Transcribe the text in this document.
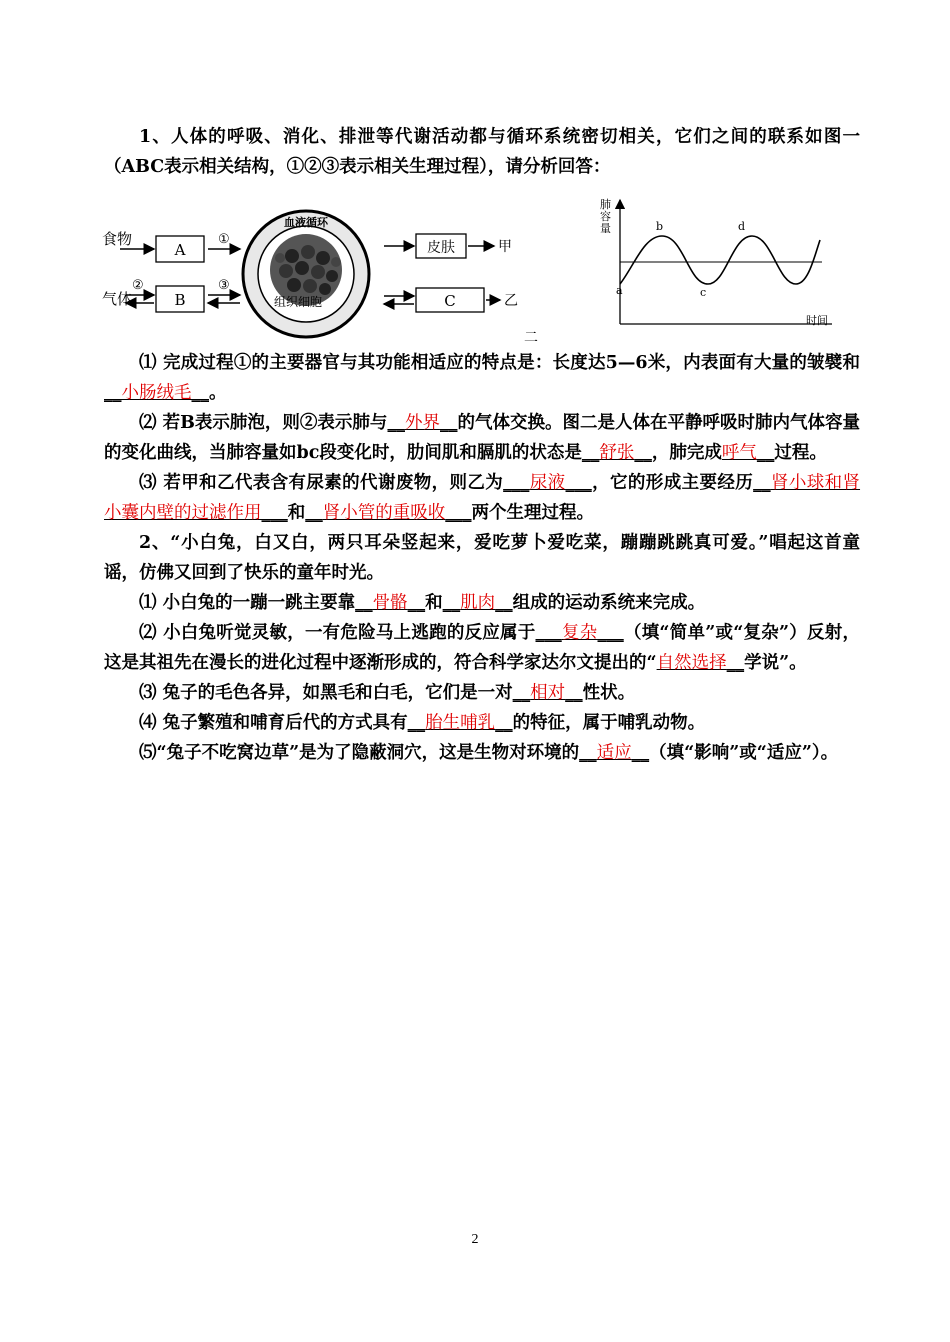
1、人体的呼吸、消化、排泄等代谢活动都与循环系统密切相关，它们之间的联系如图一（ABC表示相关结构，①②③表示相关生理过程），请分析回答：

食物
A
①
气体
②
B
③
血液循环
组织细胞
皮肤	甲
C	乙
二
肺
容
量
时间
a
b
c
d

⑴ 完成过程①的主要器官与其功能相适应的特点是：长度达5—6米，内表面有大量的皱襞和__小肠绒毛__。

⑵ 若B表示肺泡，则②表示肺与__外界__的气体交换。图二是人体在平静呼吸时肺内气体容量的变化曲线，当肺容量如bc段变化时，肋间肌和膈肌的状态是__舒张__，肺完成呼气__过程。

⑶ 若甲和乙代表含有尿素的代谢废物，则乙为___尿液___，它的形成主要经历__肾小球和肾小囊内壁的过滤作用___和__肾小管的重吸收___两个生理过程。

2、“小白兔，白又白，两只耳朵竖起来，爱吃萝卜爱吃菜，蹦蹦跳跳真可爱。”唱起这首童谣，仿佛又回到了快乐的童年时光。

⑴ 小白兔的一蹦一跳主要靠__骨骼__和__肌肉__组成的运动系统来完成。

⑵ 小白兔听觉灵敏，一有危险马上逃跑的反应属于___复杂___（填“简单”或“复杂”）反射，这是其祖先在漫长的进化过程中逐渐形成的，符合科学家达尔文提出的“自然选择__学说”。

⑶ 兔子的毛色各异，如黑毛和白毛，它们是一对__相对__性状。

⑷ 兔子繁殖和哺育后代的方式具有__胎生哺乳__的特征，属于哺乳动物。

⑸“兔子不吃窝边草”是为了隐蔽洞穴，这是生物对环境的__适应__（填“影响”或“适应”）。

2
